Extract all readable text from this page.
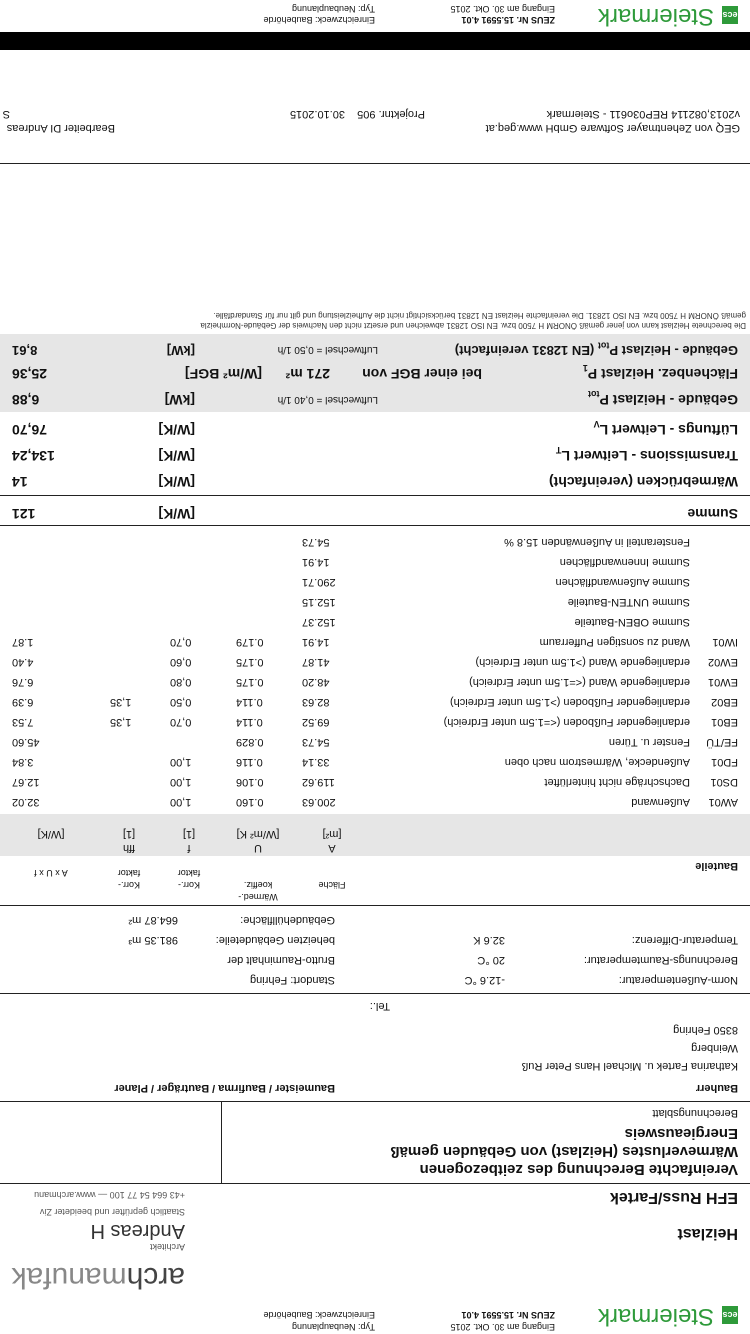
ecs
Steiermark
Eingang am 30. Okt. 2015
ZEUS Nr. 15.5591 4.01
Typ: Neubauplanung
Einreichzweck: Baubehörde
archmanufak
Architekt
Andreas H
Staatlich geprüfter und beeideter Ziv
+43 664 54 77 100 — www.archmanu
Heizlast
EFH Russ/Fartek
Vereinfachte Berechnung des zeitbezogenen
Wärmeverlustes (Heizlast) von Gebäuden gemäß
Energieausweis
Berechnungsblatt
Bauherr
Baumeister / Baufirma / Bauträger / Planer
Katharina Fartek u. Michael Hans Peter Ruß
Weinberg
8350 Fehring
Tel.:
Norm-Außentemperatur:
-12.6 °C
Standort: Fehring
Berechnungs-Raumtemperatur:
20 °C
Brutto-Rauminhalt der
Temperatur-Differenz:
32.6 K
beheizten Gebäudeteile:
981.35 m³
Gebäudehüllfläche:
664.87 m²
Bauteile
Fläche
Wärmed.-
koeffiz.
Korr.-
faktor
Korr.-
faktor
A x U x f
A
[m²]
U
[W/m² K]
f
[1]
ffh
[1]
[W/K]
AW01
Außenwand
200.63
0.160
1,00
32.02
DS01
Dachschräge nicht hinterlüftet
119.62
0.106
1,00
12.67
FD01
Außendecke, Wärmestrom nach oben
33.14
0.116
1,00
3.84
FE/TÜ
Fenster u. Türen
54.73
0.829
45.60
EB01
erdanliegender Fußboden (<=1.5m unter Erdreich)
69.52
0.114
0,70
1,35
7.53
EB02
erdanliegender Fußboden (>1.5m unter Erdreich)
82.63
0.114
0,50
1,35
6.39
EW01
erdanliegende Wand (<=1.5m unter Erdreich)
48.20
0.175
0,80
6.76
EW02
erdanliegende Wand (>1.5m unter Erdreich)
41.87
0.175
0,60
4.40
IW01
Wand zu sonstigen Pufferraum
14.91
0.179
0,70
1.87
Summe OBEN-Bauteile
152.37
Summe UNTEN-Bauteile
152.15
Summe Außenwandflächen
290.71
Summe Innenwandflächen
14.91
Fensteranteil in Außenwänden 15.8 %
54.73
Summe
[W/K]
121
Wärmebrücken (vereinfacht)
[W/K]
14
Transmissions - Leitwert $L_T$
[W/K]
134,24
Lüftungs - Leitwert $L_V$
[W/K]
76,70
Gebäude - Heizlast $P_{tot}$
Luftwechsel = 0,40 1/h
[kW]
6,88
Flächenbez. Heizlast $P_1$
bei einer BGF von
271 m²
[W/m² BGF]
25,36
Gebäude - Heizlast $P_{tot}$ (EN 12831 vereinfacht)
Luftwechsel = 0,50 1/h
[kW]
8,61
Die berechnete Heizlast kann von jener gemäß ÖNORM H 7500 bzw. EN ISO 12831 abweichen und ersetzt nicht den Nachweis der Gebäude-Normheizla
gemäß ÖNORM H 7500 bzw. EN ISO 12831. Die vereinfachte Heizlast EN 12831 berücksichtigt nicht die Aufheizleistung und gilt nur für Standardfälle.
GEQ von Zehentmayer Software GmbH www.geq.at
v2013,082114 REP03o611 - Steiermark
Projektnr. 905
30.10.2015
Bearbeiter DI Andreas
S
ecs
Steiermark
ZEUS Nr. 15.5591 4.01
Eingang am 30. Okt. 2015
Einreichzweck: Baubehörde
Typ: Neubauplanung
